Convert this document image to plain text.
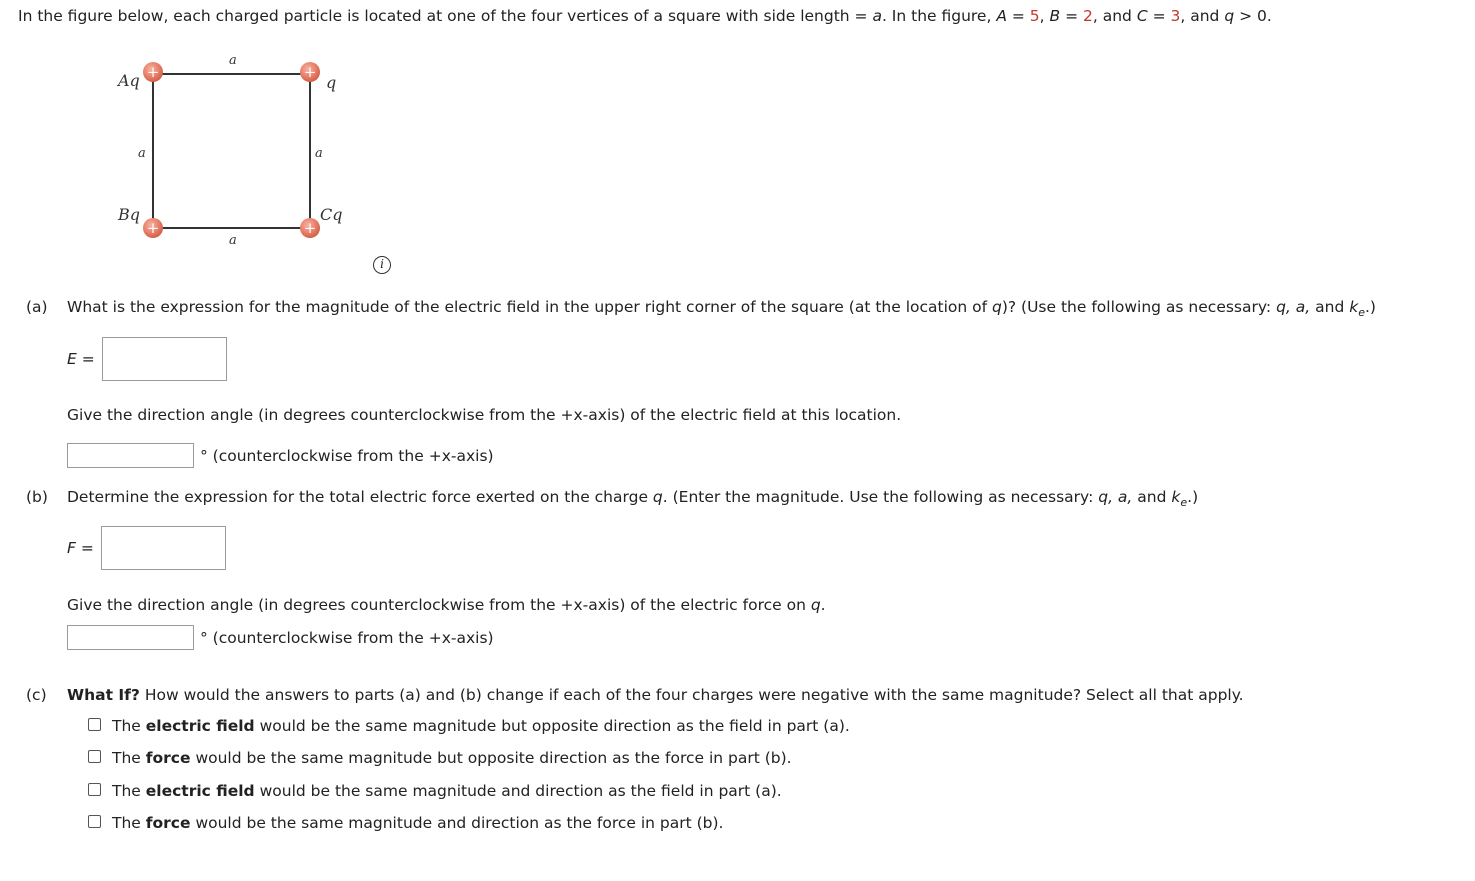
In the figure below, each charged particle is located at one of the four vertices of a square with side length = a. In the figure, A = 5, B = 2, and C = 3, and q > 0.
+	+
+	+
Aq	q
Bq	Cq
a
a	a
a
i
(a) What is the expression for the magnitude of the electric field in the upper right corner of the square (at the location of q)? (Use the following as necessary: q, a, and $k_e$.)
E =
Give the direction angle (in degrees counterclockwise from the +x-axis) of the electric field at this location.
° (counterclockwise from the +x-axis)
(b) Determine the expression for the total electric force exerted on the charge q. (Enter the magnitude. Use the following as necessary: q, a, and $k_e$.)
F =
Give the direction angle (in degrees counterclockwise from the +x-axis) of the electric force on q.
° (counterclockwise from the +x-axis)
(c) What If? How would the answers to parts (a) and (b) change if each of the four charges were negative with the same magnitude? Select all that apply.
The electric field would be the same magnitude but opposite direction as the field in part (a).
The force would be the same magnitude but opposite direction as the force in part (b).
The electric field would be the same magnitude and direction as the field in part (a).
The force would be the same magnitude and direction as the force in part (b).
